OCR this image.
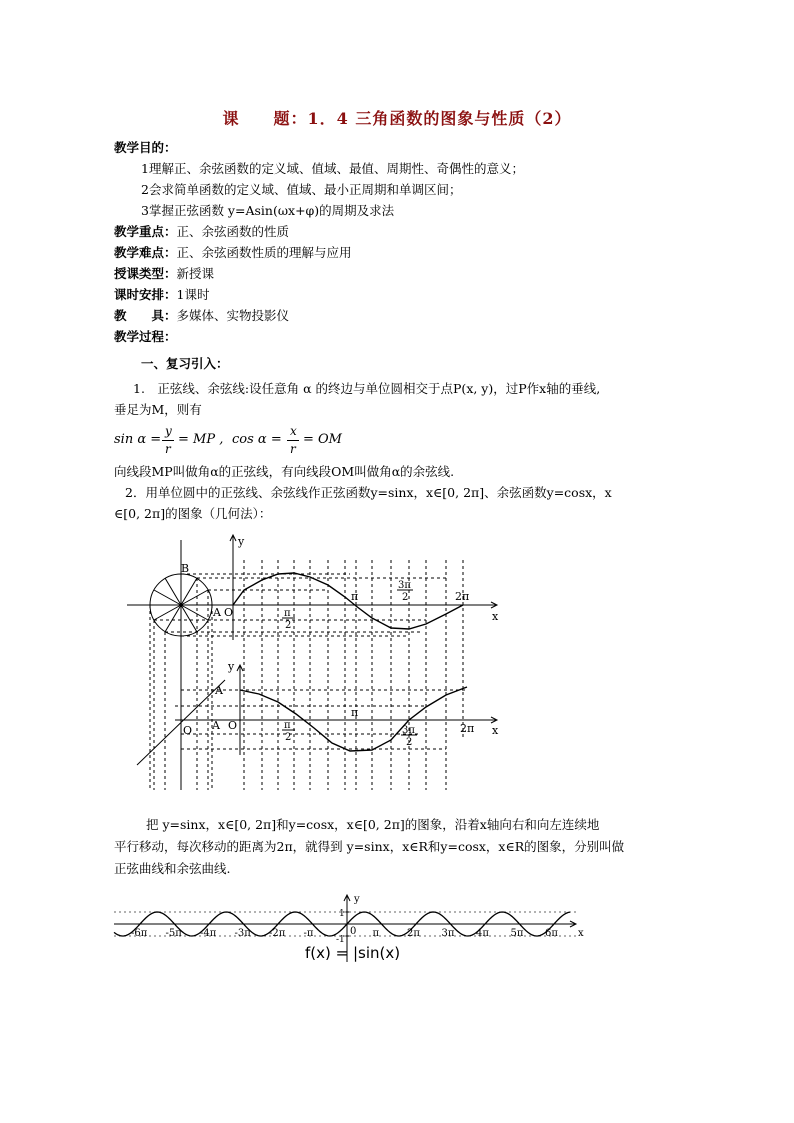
课　　题：1．4 三角函数的图象与性质（2）
教学目的：
1理解正、余弦函数的定义域、值域、最值、周期性、奇偶性的意义；
2会求简单函数的定义域、值域、最小正周期和单调区间；
3掌握正弦函数 y=Asin(ωx+φ)的周期及求法
教学重点：正、余弦函数的性质
教学难点：正、余弦函数性质的理解与应用
授课类型：新授课
课时安排：1课时
教　　具：多媒体、实物投影仪
教学过程：
一、复习引入：
1.　正弦线、余弦线:设任意角 α 的终边与单位圆相交于点P(x, y)，过P作x轴的垂线,
垂足为M，则有
sin α =
y
r
= MP , cos α =
x
r
= OM
向线段MP叫做角α的正弦线，有向线段OM叫做角α的余弦线.
2．用单位圆中的正弦线、余弦线作正弦函数y=sinx，x∈[0, 2π]、余弦函数y=cosx，x
∈[0, 2π]的图象（几何法）：
y
B
A O	x
π	2π
π
2
3π
2
y
A
A O
O	x
π
2π
π
2
3π
2
把 y=sinx，x∈[0, 2π]和y=cosx，x∈[0, 2π]的图象，沿着x轴向右和向左连续地
平行移动，每次移动的距离为2π，就得到 y=sinx，x∈R和y=cosx，x∈R的图象，分别叫做
正弦曲线和余弦曲线.
-6π -5π -4π -3π -2π -π	π	2π 3π 4π 5π 6π
y
1
-1
0	x
f(x) = |sin(x)
